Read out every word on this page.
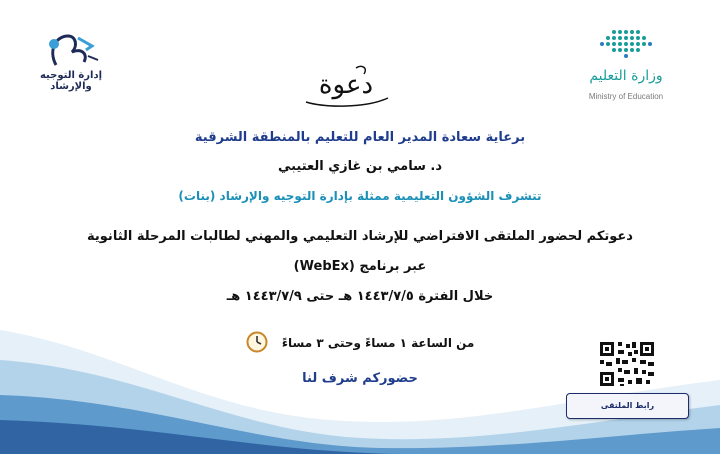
وزارة التعليم
Ministry of Education
إدارة التوجيه والإرشاد	دعوة
برعاية سعادة المدير العام للتعليم بالمنطقة الشرقية
د. سامي بن غازي العتيبي
تتشرف الشؤون التعليمية ممثلة بإدارة التوجيه والإرشاد (بنات)
دعوتكم لحضور الملتقى الافتراضي للإرشاد التعليمي والمهني لطالبات المرحلة الثانوية
عبر برنامج (WebEx)
خلال الفترة ١٤٤٣/٧/٥ هـ حتى ١٤٤٣/٧/٩ هـ
من الساعة ١ مساءً وحتى ٣ مساءً
حضوركم شرف لنا
رابط الملتقى
